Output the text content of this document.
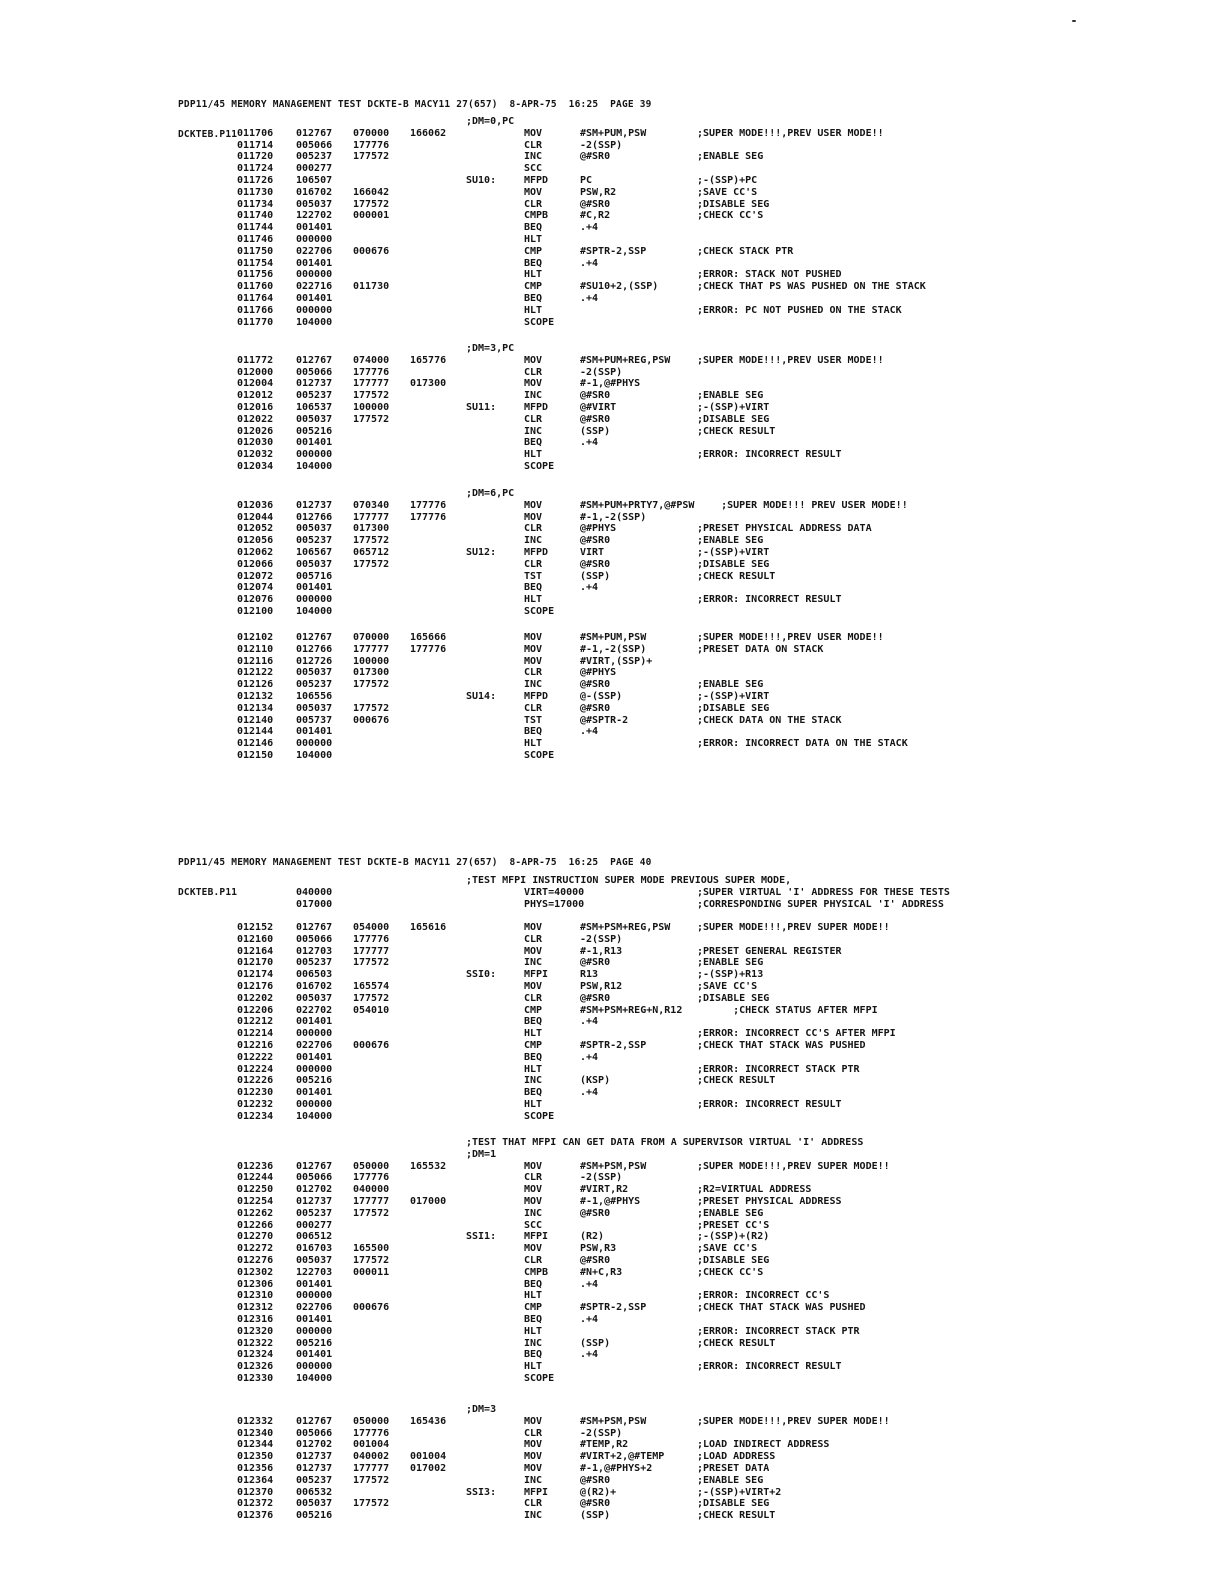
PDP11/45 MEMORY MANAGEMENT TEST DCKTE-B MACY11 27(657)  8-APR-75  16:25  PAGE 39

DCKTEB.P11

PDP11/45 MEMORY MANAGEMENT TEST DCKTE-B MACY11 27(657)  8-APR-75  16:25  PAGE 40

DCKTEB.P11

;DM=0,PC
011706 012767 070000 166062	MOV	#SM+PUM,PSW	;SUPER MODE!!!,PREV USER MODE!!
011714 005066 177776	CLR	-2(SSP)
011720 005237 177572	INC	@#SR0	;ENABLE SEG
011724 000277	SCC
011726 106507	SU10:	MFPD	PC	;-(SSP)+PC
011730 016702 166042	MOV	PSW,R2	;SAVE CC'S
011734 005037 177572	CLR	@#SR0	;DISABLE SEG
011740 122702 000001	CMPB	#C,R2	;CHECK CC'S
011744 001401	BEQ	.+4
011746 000000	HLT
011750 022706 000676	CMP	#SPTR-2,SSP	;CHECK STACK PTR
011754 001401	BEQ	.+4
011756 000000	HLT	;ERROR: STACK NOT PUSHED
011760 022716 011730	CMP	#SU10+2,(SSP)	;CHECK THAT PS WAS PUSHED ON THE STACK
011764 001401	BEQ	.+4
011766 000000	HLT	;ERROR: PC NOT PUSHED ON THE STACK
011770 104000	SCOPE
;DM=3,PC
011772 012767 074000 165776	MOV	#SM+PUM+REG,PSW	;SUPER MODE!!!,PREV USER MODE!!
012000 005066 177776	CLR	-2(SSP)
012004 012737 177777 017300	MOV	#-1,@#PHYS
012012 005237 177572	INC	@#SR0	;ENABLE SEG
012016 106537 100000	SU11:	MFPD	@#VIRT	;-(SSP)+VIRT
012022 005037 177572	CLR	@#SR0	;DISABLE SEG
012026 005216	INC	(SSP)	;CHECK RESULT
012030 001401	BEQ	.+4
012032 000000	HLT	;ERROR: INCORRECT RESULT
012034 104000	SCOPE
;DM=6,PC
012036 012737 070340 177776	MOV	#SM+PUM+PRTY7,@#PSW ;SUPER MODE!!! PREV USER MODE!!
012044 012766 177777 177776	MOV	#-1,-2(SSP)
012052 005037 017300	CLR	@#PHYS	;PRESET PHYSICAL ADDRESS DATA
012056 005237 177572	INC	@#SR0	;ENABLE SEG
012062 106567 065712	SU12:	MFPD	VIRT	;-(SSP)+VIRT
012066 005037 177572	CLR	@#SR0	;DISABLE SEG
012072 005716	TST	(SSP)	;CHECK RESULT
012074 001401	BEQ	.+4
012076 000000	HLT	;ERROR: INCORRECT RESULT
012100 104000	SCOPE
012102 012767 070000 165666	MOV	#SM+PUM,PSW	;SUPER MODE!!!,PREV USER MODE!!
012110 012766 177777 177776	MOV	#-1,-2(SSP)	;PRESET DATA ON STACK
012116 012726 100000	MOV	#VIRT,(SSP)+
012122 005037 017300	CLR	@#PHYS
012126 005237 177572	INC	@#SR0	;ENABLE SEG
012132 106556	SU14:	MFPD	@-(SSP)	;-(SSP)+VIRT
012134 005037 177572	CLR	@#SR0	;DISABLE SEG
012140 005737 000676	TST	@#SPTR-2	;CHECK DATA ON THE STACK
012144 001401	BEQ	.+4
012146 000000	HLT	;ERROR: INCORRECT DATA ON THE STACK
012150 104000	SCOPE
;TEST MFPI INSTRUCTION SUPER MODE PREVIOUS SUPER MODE,
040000	VIRT=40000	;SUPER VIRTUAL 'I' ADDRESS FOR THESE TESTS
017000	PHYS=17000	;CORRESPONDING SUPER PHYSICAL 'I' ADDRESS
012152 012767 054000 165616	MOV	#SM+PSM+REG,PSW	;SUPER MODE!!!,PREV SUPER MODE!!
012160 005066 177776	CLR	-2(SSP)
012164 012703 177777	MOV	#-1,R13	;PRESET GENERAL REGISTER
012170 005237 177572	INC	@#SR0	;ENABLE SEG
012174 006503	SSI0:	MFPI	R13	;-(SSP)+R13
012176 016702 165574	MOV	PSW,R12	;SAVE CC'S
012202 005037 177572	CLR	@#SR0	;DISABLE SEG
012206 022702 054010	CMP	#SM+PSM+REG+N,R12 ;CHECK STATUS AFTER MFPI
012212 001401	BEQ	.+4
012214 000000	HLT	;ERROR: INCORRECT CC'S AFTER MFPI
012216 022706 000676	CMP	#SPTR-2,SSP	;CHECK THAT STACK WAS PUSHED
012222 001401	BEQ	.+4
012224 000000	HLT	;ERROR: INCORRECT STACK PTR
012226 005216	INC	(KSP)	;CHECK RESULT
012230 001401	BEQ	.+4
012232 000000	HLT	;ERROR: INCORRECT RESULT
012234 104000	SCOPE
;TEST THAT MFPI CAN GET DATA FROM A SUPERVISOR VIRTUAL 'I' ADDRESS
;DM=1
012236 012767 050000 165532	MOV	#SM+PSM,PSW	;SUPER MODE!!!,PREV SUPER MODE!!
012244 005066 177776	CLR	-2(SSP)
012250 012702 040000	MOV	#VIRT,R2	;R2=VIRTUAL ADDRESS
012254 012737 177777 017000	MOV	#-1,@#PHYS	;PRESET PHYSICAL ADDRESS
012262 005237 177572	INC	@#SR0	;ENABLE SEG
012266 000277	SCC	;PRESET CC'S
012270 006512	SSI1:	MFPI	(R2)	;-(SSP)+(R2)
012272 016703 165500	MOV	PSW,R3	;SAVE CC'S
012276 005037 177572	CLR	@#SR0	;DISABLE SEG
012302 122703 000011	CMPB	#N+C,R3	;CHECK CC'S
012306 001401	BEQ	.+4
012310 000000	HLT	;ERROR: INCORRECT CC'S
012312 022706 000676	CMP	#SPTR-2,SSP	;CHECK THAT STACK WAS PUSHED
012316 001401	BEQ	.+4
012320 000000	HLT	;ERROR: INCORRECT STACK PTR
012322 005216	INC	(SSP)	;CHECK RESULT
012324 001401	BEQ	.+4
012326 000000	HLT	;ERROR: INCORRECT RESULT
012330 104000	SCOPE
;DM=3
012332 012767 050000 165436	MOV	#SM+PSM,PSW	;SUPER MODE!!!,PREV SUPER MODE!!
012340 005066 177776	CLR	-2(SSP)
012344 012702 001004	MOV	#TEMP,R2	;LOAD INDIRECT ADDRESS
012350 012737 040002 001004	MOV	#VIRT+2,@#TEMP	;LOAD ADDRESS
012356 012737 177777 017002	MOV	#-1,@#PHYS+2	;PRESET DATA
012364 005237 177572	INC	@#SR0	;ENABLE SEG
012370 006532	SSI3:	MFPI	@(R2)+	;-(SSP)+VIRT+2
012372 005037 177572	CLR	@#SR0	;DISABLE SEG
012376 005216	INC	(SSP)	;CHECK RESULT
